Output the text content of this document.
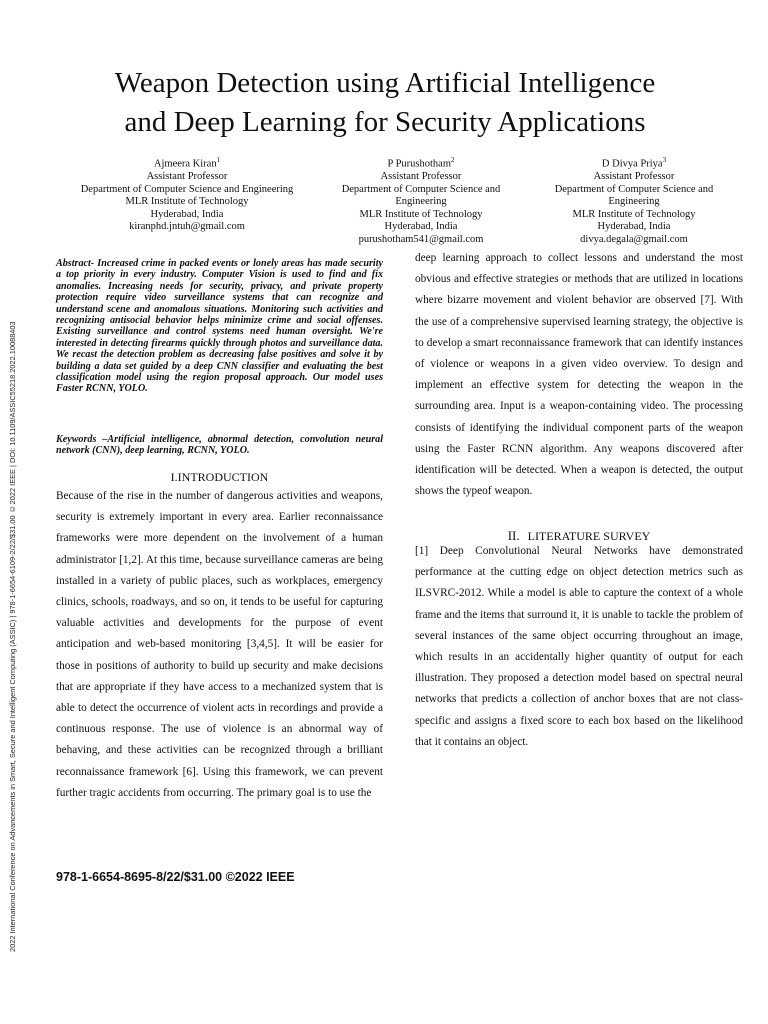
2022 International Conference on Advancements in Smart, Secure and Intelligent Computing (ASSIC) | 978-1-6654-6109-2/22/$31.00 ©2022 IEEE | DOI: 10.1109/ASSIC55218.2022.10088403
Weapon Detection using Artificial Intelligence
and Deep Learning for Security Applications
Ajmeera Kiran$^1$
Assistant Professor
Department of Computer Science and Engineering
MLR Institute of Technology
Hyderabad, India
kiranphd.jntuh@gmail.com
P Purushotham$^2$
Assistant Professor
Department of Computer Science and Engineering
MLR Institute of Technology
Hyderabad, India
purushotham541@gmail.com
D Divya Priya$^3$
Assistant Professor
Department of Computer Science and Engineering
MLR Institute of Technology
Hyderabad, India
divya.degala@gmail.com

Abstract- Increased crime in packed events or lonely areas has made security a top priority in every industry. Computer Vision is used to find and fix anomalies. Increasing needs for security, privacy, and private property protection require video surveillance systems that can recognize and understand scene and anomalous situations. Monitoring such activities and recognizing antisocial behavior helps minimize crime and social offenses. Existing surveillance and control systems need human oversight. We're interested in detecting firearms quickly through photos and surveillance data. We recast the detection problem as decreasing false positives and solve it by building a data set guided by a deep CNN classifier and evaluating the best classification model using the region proposal approach. Our model uses Faster RCNN, YOLO.

Keywords –Artificial intelligence, abnormal detection, convolution neural network (CNN), deep learning, RCNN, YOLO.

I.INTRODUCTION

Because of the rise in the number of dangerous activities and weapons, security is extremely important in every area. Earlier reconnaissance frameworks were more dependent on the involvement of a human administrator [1,2]. At this time, because surveillance cameras are being installed in a variety of public places, such as workplaces, emergency clinics, schools, roadways, and so on, it tends to be useful for capturing valuable activities and developments for the purpose of event anticipation and web-based monitoring [3,4,5]. It will be easier for those in positions of authority to build up security and make decisions that are appropriate if they have access to a mechanized system that is able to detect the occurrence of violent acts in recordings and provide a continuous response. The use of violence is an abnormal way of behaving, and these activities can be recognized through a brilliant reconnaissance framework [6]. Using this framework, we can prevent further tragic accidents from occurring. The primary goal is to use the

deep learning approach to collect lessons and understand the most obvious and effective strategies or methods that are utilized in locations where bizarre movement and violent behavior are observed [7]. With the use of a comprehensive supervised learning strategy, the objective is to develop a smart reconnaissance framework that can identify instances of violence or weapons in a given video overview. To design and implement an effective system for detecting the weapon in the surrounding area. Input is a weapon-containing video. The processing consists of identifying the individual component parts of the weapon using the Faster RCNN algorithm. Any weapons discovered after identification will be detected. When a weapon is detected, the output shows the typeof weapon.

II. LITERATURE SURVEY

[1] Deep Convolutional Neural Networks have demonstrated performance at the cutting edge on object detection metrics such as ILSVRC-2012. While a model is able to capture the context of a whole frame and the items that surround it, it is unable to tackle the problem of several instances of the same object occurring throughout an image, which results in an accidentally higher quantity of output for each illustration. They proposed a detection model based on spectral neural networks that predicts a collection of anchor boxes that are not class-specific and assigns a fixed score to each box based on the likelihood that it contains an object.

978-1-6654-8695-8/22/$31.00 ©2022 IEEE
